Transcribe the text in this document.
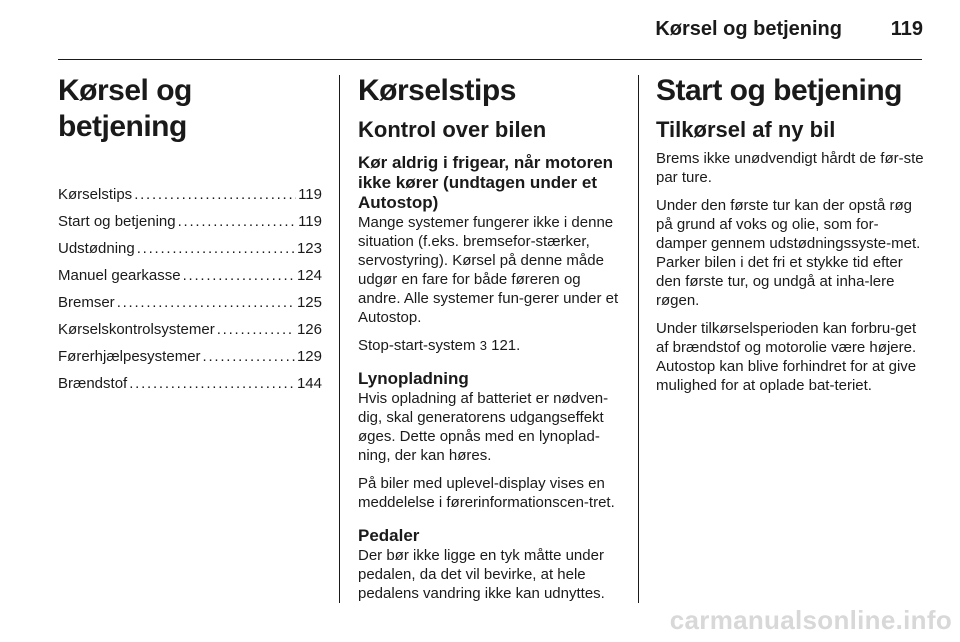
Kørsel og betjening 119
Kørsel og betjening
Kørselstips . . .	119
Start og betjening . . .	119
Udstødning . . .	123
Manuel gearkasse . . .	124
Bremser . . .	125
Kørselskontrolsystemer . . .	126
Førerhjælpesystemer . . .	129
Brændstof . . .	144
Kørselstips
Kontrol over bilen
Kør aldrig i frigear, når motoren ikke kører (undtagen under et Autostop)

Mange systemer fungerer ikke i denne situation (f.eks. bremsefor-stærker, servostyring). Kørsel på denne måde udgør en fare for både føreren og andre. Alle systemer fun-gerer under et Autostop.

Stop-start-system 3 121.

Lynopladning

Hvis opladning af batteriet er nødven-dig, skal generatorens udgangseffekt øges. Dette opnås med en lynoplad-ning, der kan høres.

På biler med uplevel-display vises en meddelelse i førerinformationscen-tret.

Pedaler

Der bør ikke ligge en tyk måtte under pedalen, da det vil bevirke, at hele pedalens vandring ikke kan udnyttes.

Start og betjening
Tilkørsel af ny bil

Brems ikke unødvendigt hårdt de før-ste par ture.

Under den første tur kan der opstå røg på grund af voks og olie, som for-damper gennem udstødningssyste-met. Parker bilen i det fri et stykke tid efter den første tur, og undgå at inha-lere røgen.

Under tilkørselsperioden kan forbru-get af brændstof og motorolie være højere. Autostop kan blive forhindret for at give mulighed for at oplade bat-teriet.

carmanualsonline.info
